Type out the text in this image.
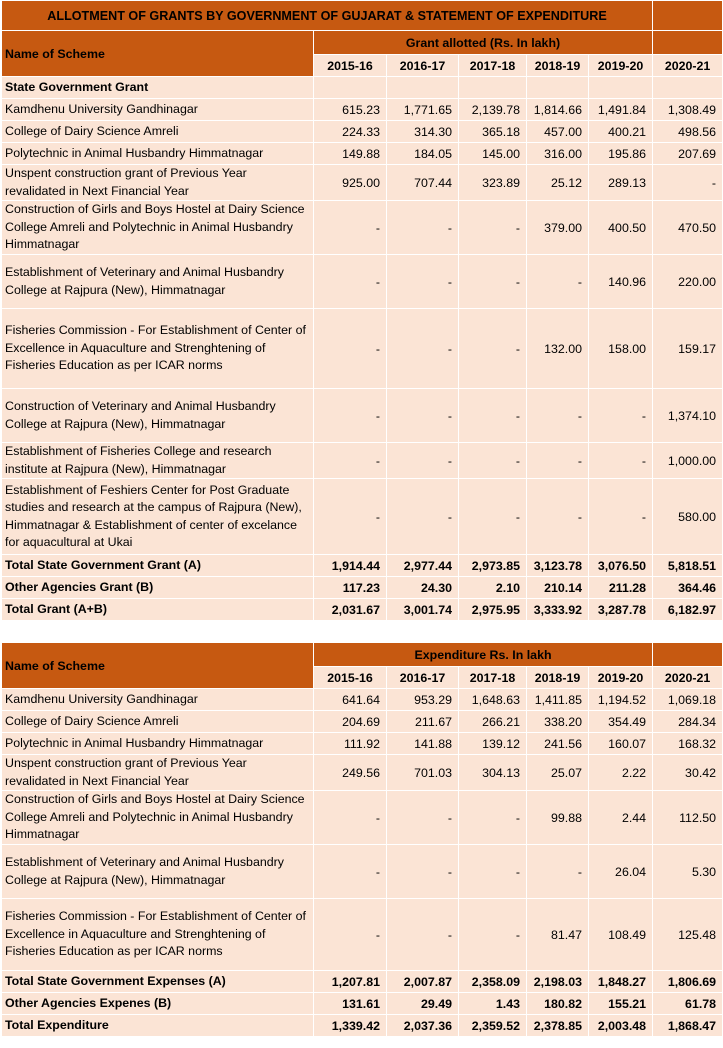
ALLOTMENT OF GRANTS BY GOVERNMENT OF GUJARAT & STATEMENT OF EXPENDITURE						
Name of Scheme	Grant allotted (Rs. In lakh)					
	2015-16	2016-17	2017-18	2018-19	2019-20	2020-21
State Government Grant						
Kamdhenu University Gandhinagar	615.23	1,771.65	2,139.78	1,814.66	1,491.84	1,308.49
College of Dairy Science Amreli	224.33	314.30	365.18	457.00	400.21	498.56
Polytechnic in Animal Husbandry Himmatnagar	149.88	184.05	145.00	316.00	195.86	207.69
Unspent construction grant of Previous Year revalidated in Next Financial Year	925.00	707.44	323.89	25.12	289.13	-
Construction of Girls and Boys Hostel at Dairy Science College Amreli and Polytechnic in Animal Husbandry Himmatnagar	-	-	-	379.00	400.50	470.50
Establishment of Veterinary and Animal Husbandry College at Rajpura (New), Himmatnagar	-	-	-	-	140.96	220.00
Fisheries Commission - For Establishment of Center of Excellence in Aquaculture and Strenghtening of Fisheries Education as per ICAR norms	-	-	-	132.00	158.00	159.17
Construction of Veterinary and Animal Husbandry College at Rajpura (New), Himmatnagar	-	-	-	-	-	1,374.10
Establishment of Fisheries College and research institute at Rajpura (New), Himmatnagar	-	-	-	-	-	1,000.00
Establishment of Feshiers Center for Post Graduate studies and research at the campus of Rajpura (New), Himmatnagar & Establishment of center of excelance for aquacultural at Ukai	-	-	-	-	-	580.00
Total State Government Grant (A)	1,914.44	2,977.44	2,973.85	3,123.78	3,076.50	5,818.51
Other Agencies Grant (B)	117.23	24.30	2.10	210.14	211.28	364.46
Total Grant (A+B)	2,031.67	3,001.74	2,975.95	3,333.92	3,287.78	6,182.97

Name of Scheme	Expenditure Rs. In lakh					
	2015-16	2016-17	2017-18	2018-19	2019-20	2020-21
Kamdhenu University Gandhinagar	641.64	953.29	1,648.63	1,411.85	1,194.52	1,069.18
College of Dairy Science Amreli	204.69	211.67	266.21	338.20	354.49	284.34
Polytechnic in Animal Husbandry Himmatnagar	111.92	141.88	139.12	241.56	160.07	168.32
Unspent construction grant of Previous Year revalidated in Next Financial Year	249.56	701.03	304.13	25.07	2.22	30.42
Construction of Girls and Boys Hostel at Dairy Science College Amreli and Polytechnic in Animal Husbandry Himmatnagar	-	-	-	99.88	2.44	112.50
Establishment of Veterinary and Animal Husbandry College at Rajpura (New), Himmatnagar	-	-	-	-	26.04	5.30
Fisheries Commission - For Establishment of Center of Excellence in Aquaculture and Strenghtening of Fisheries Education as per ICAR norms	-	-	-	81.47	108.49	125.48
Total State Government Expenses (A)	1,207.81	2,007.87	2,358.09	2,198.03	1,848.27	1,806.69
Other Agencies Expenes (B)	131.61	29.49	1.43	180.82	155.21	61.78
Total Expenditure	1,339.42	2,037.36	2,359.52	2,378.85	2,003.48	1,868.47
